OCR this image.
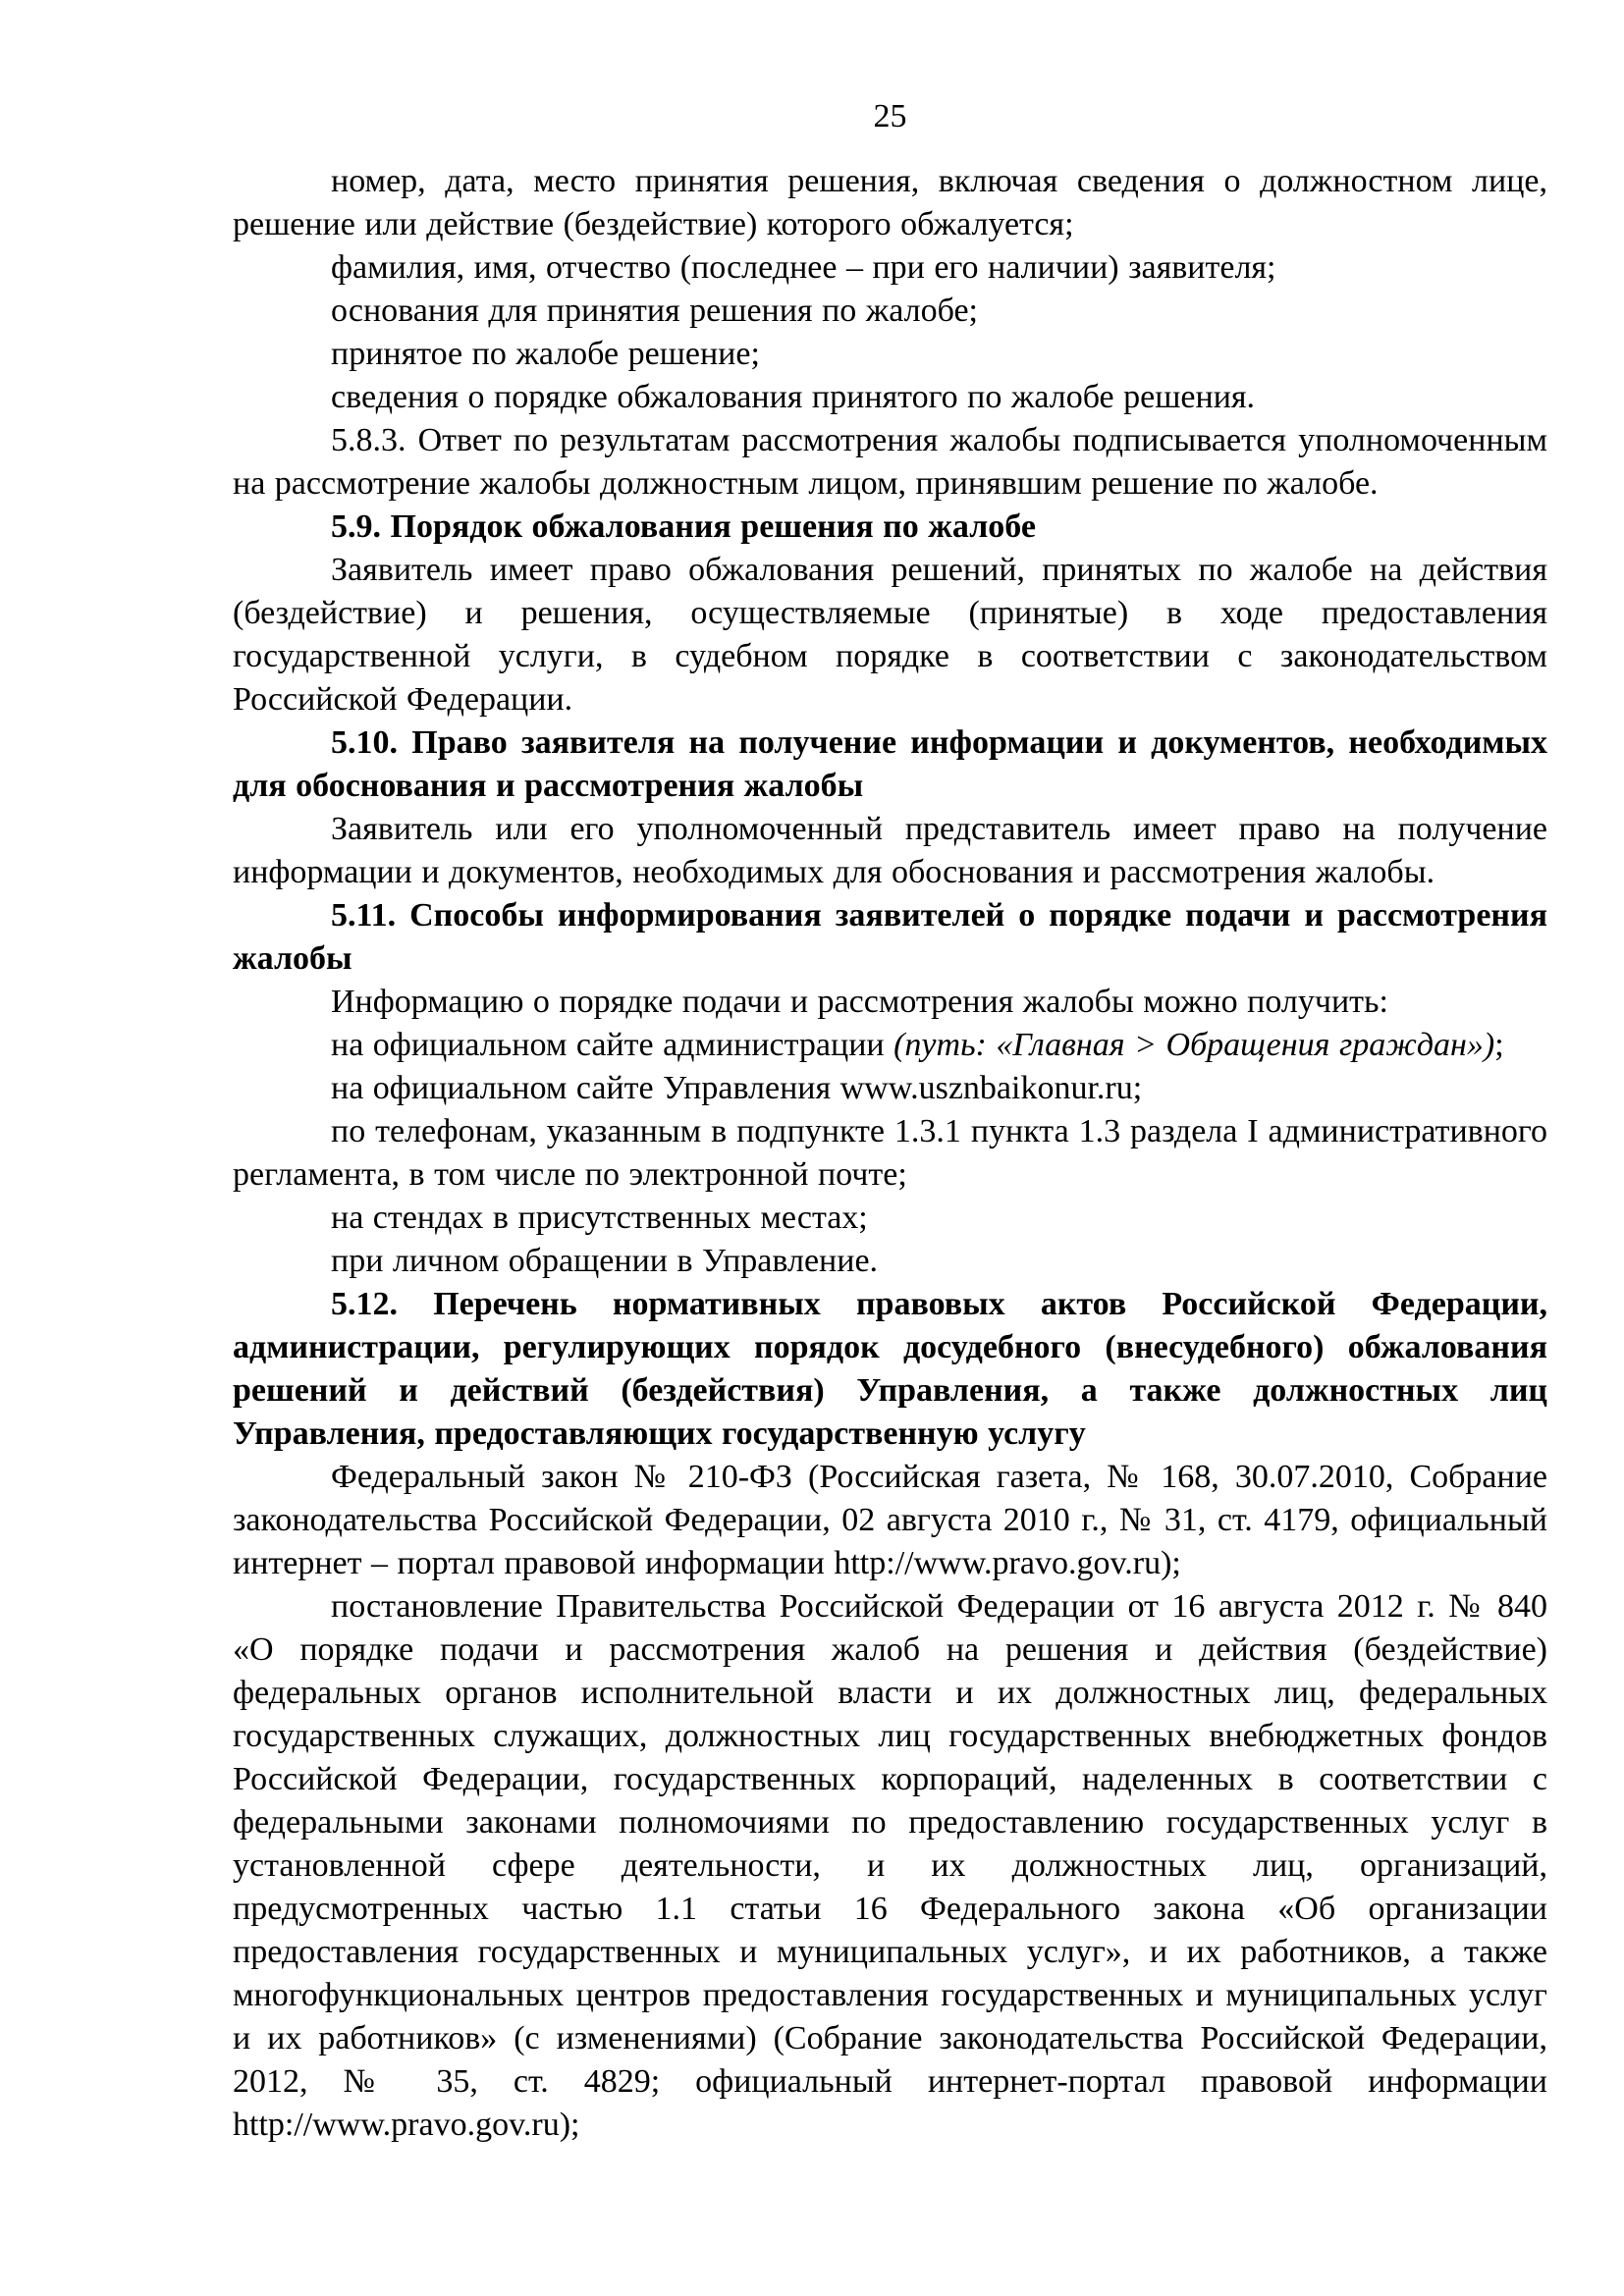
25

номер, дата, место принятия решения, включая сведения о должностном лице, решение или действие (бездействие) которого обжалуется;

фамилия, имя, отчество (последнее – при его наличии) заявителя;

основания для принятия решения по жалобе;

принятое по жалобе решение;

сведения о порядке обжалования принятого по жалобе решения.

5.8.3. Ответ по результатам рассмотрения жалобы подписывается уполномоченным на рассмотрение жалобы должностным лицом, принявшим решение по жалобе.

5.9. Порядок обжалования решения по жалобе

Заявитель имеет право обжалования решений, принятых по жалобе на действия (бездействие) и решения, осуществляемые (принятые) в ходе предоставления государственной услуги, в судебном порядке в соответствии с законодательством Российской Федерации.

5.10. Право заявителя на получение информации и документов, необходимых для обоснования и рассмотрения жалобы

Заявитель или его уполномоченный представитель имеет право на получение информации и документов, необходимых для обоснования и рассмотрения жалобы.

5.11. Способы информирования заявителей о порядке подачи и рассмотрения жалобы

Информацию о порядке подачи и рассмотрения жалобы можно получить:

на официальном сайте администрации (путь: «Главная > Обращения граждан»);

на официальном сайте Управления www.usznbaikonur.ru;

по телефонам, указанным в подпункте 1.3.1 пункта 1.3 раздела I административного регламента, в том числе по электронной почте;

на стендах в присутственных местах;

при личном обращении в Управление.

5.12. Перечень нормативных правовых актов Российской Федерации, администрации, регулирующих порядок досудебного (внесудебного) обжалования решений и действий (бездействия) Управления, а также должностных лиц Управления, предоставляющих государственную услугу

Федеральный закон № 210-ФЗ (Российская газета, № 168, 30.07.2010, Собрание законодательства Российской Федерации, 02 августа 2010 г., № 31, ст. 4179, официальный интернет – портал правовой информации http://www.pravo.gov.ru);

постановление Правительства Российской Федерации от 16 августа 2012 г. № 840 «О порядке подачи и рассмотрения жалоб на решения и действия (бездействие) федеральных органов исполнительной власти и их должностных лиц, федеральных государственных служащих, должностных лиц государственных внебюджетных фондов Российской Федерации, государственных корпораций, наделенных в соответствии с федеральными законами полномочиями по предоставлению государственных услуг в установленной сфере деятельности, и их должностных лиц, организаций, предусмотренных частью 1.1 статьи 16 Федерального закона «Об организации предоставления государственных и муниципальных услуг», и их работников, а также многофункциональных центров предоставления государственных и муниципальных услуг и их работников» (с изменениями) (Собрание законодательства Российской Федерации, 2012, № 35, ст. 4829; официальный интернет-портал правовой информации http://www.pravo.gov.ru);
